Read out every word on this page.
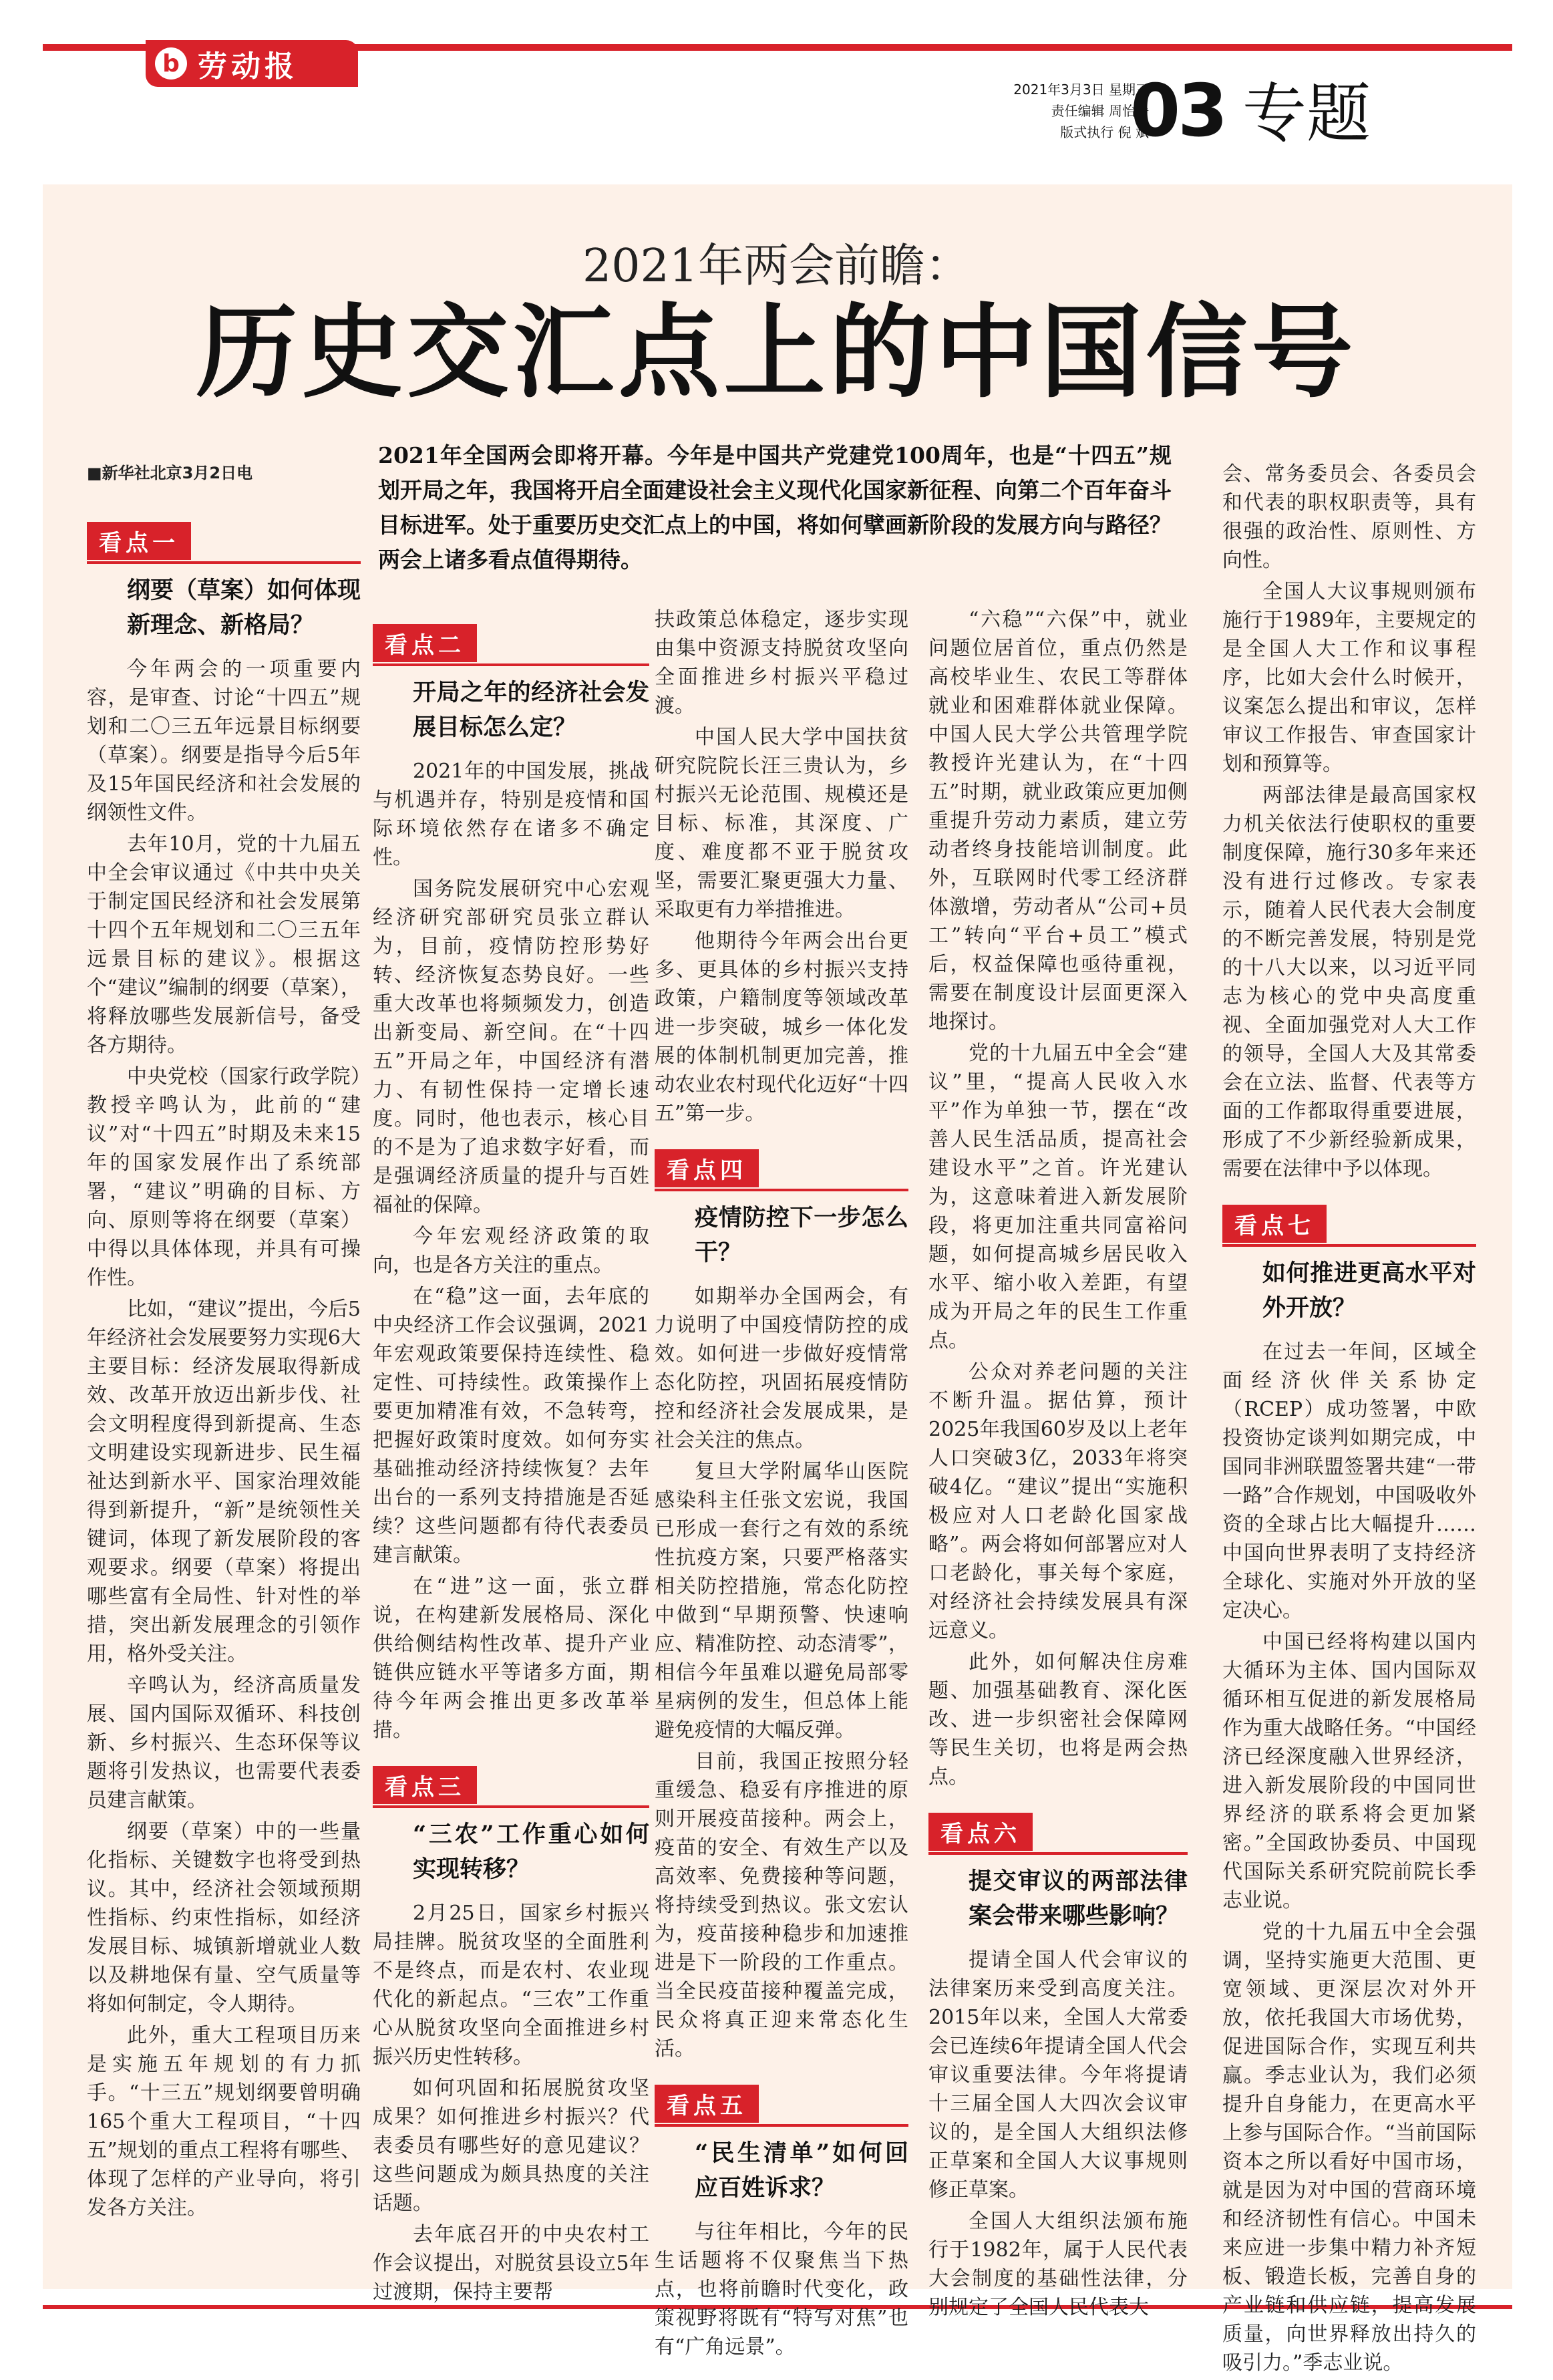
b 劳动报
2021年3月3日 星期三
责任编辑 周怡静
版式执行 倪 斌
03 专题
2021年两会前瞻：
历史交汇点上的中国信号
2021年全国两会即将开幕。今年是中国共产党建党100周年，也是“十四五”规划开局之年，我国将开启全面建设社会主义现代化国家新征程、向第二个百年奋斗目标进军。处于重要历史交汇点上的中国，将如何擘画新阶段的发展方向与路径？两会上诸多看点值得期待。

■新华社北京3月2日电

看点一
纲要（草案）如何体现新理念、新格局？

今年两会的一项重要内容，是审查、讨论“十四五”规划和二〇三五年远景目标纲要（草案）。纲要是指导今后5年及15年国民经济和社会发展的纲领性文件。

去年10月，党的十九届五中全会审议通过《中共中央关于制定国民经济和社会发展第十四个五年规划和二〇三五年远景目标的建议》。根据这个“建议”编制的纲要（草案），将释放哪些发展新信号，备受各方期待。

中央党校（国家行政学院）教授辛鸣认为，此前的“建议”对“十四五”时期及未来15年的国家发展作出了系统部署，“建议”明确的目标、方向、原则等将在纲要（草案）中得以具体体现，并具有可操作性。

比如，“建议”提出，今后5年经济社会发展要努力实现6大主要目标：经济发展取得新成效、改革开放迈出新步伐、社会文明程度得到新提高、生态文明建设实现新进步、民生福祉达到新水平、国家治理效能得到新提升，“新”是统领性关键词，体现了新发展阶段的客观要求。纲要（草案）将提出哪些富有全局性、针对性的举措，突出新发展理念的引领作用，格外受关注。

辛鸣认为，经济高质量发展、国内国际双循环、科技创新、乡村振兴、生态环保等议题将引发热议，也需要代表委员建言献策。

纲要（草案）中的一些量化指标、关键数字也将受到热议。其中，经济社会领域预期性指标、约束性指标，如经济发展目标、城镇新增就业人数以及耕地保有量、空气质量等将如何制定，令人期待。

此外，重大工程项目历来是实施五年规划的有力抓手。“十三五”规划纲要曾明确165个重大工程项目，“十四五”规划的重点工程将有哪些、体现了怎样的产业导向，将引发各方关注。

看点二
开局之年的经济社会发展目标怎么定？

2021年的中国发展，挑战与机遇并存，特别是疫情和国际环境依然存在诸多不确定性。

国务院发展研究中心宏观经济研究部研究员张立群认为，目前，疫情防控形势好转、经济恢复态势良好。一些重大改革也将频频发力，创造出新变局、新空间。在“十四五”开局之年，中国经济有潜力、有韧性保持一定增长速度。同时，他也表示，核心目的不是为了追求数字好看，而是强调经济质量的提升与百姓福祉的保障。

今年宏观经济政策的取向，也是各方关注的重点。

在“稳”这一面，去年底的中央经济工作会议强调，2021年宏观政策要保持连续性、稳定性、可持续性。政策操作上要更加精准有效，不急转弯，把握好政策时度效。如何夯实基础推动经济持续恢复？去年出台的一系列支持措施是否延续？这些问题都有待代表委员建言献策。

在“进”这一面，张立群说，在构建新发展格局、深化供给侧结构性改革、提升产业链供应链水平等诸多方面，期待今年两会推出更多改革举措。

看点三
“三农”工作重心如何实现转移？

2月25日，国家乡村振兴局挂牌。脱贫攻坚的全面胜利不是终点，而是农村、农业现代化的新起点。“三农”工作重心从脱贫攻坚向全面推进乡村振兴历史性转移。

如何巩固和拓展脱贫攻坚成果？如何推进乡村振兴？代表委员有哪些好的意见建议？这些问题成为颇具热度的关注话题。

去年底召开的中央农村工作会议提出，对脱贫县设立5年过渡期，保持主要帮

扶政策总体稳定，逐步实现由集中资源支持脱贫攻坚向全面推进乡村振兴平稳过渡。

中国人民大学中国扶贫研究院院长汪三贵认为，乡村振兴无论范围、规模还是目标、标准，其深度、广度、难度都不亚于脱贫攻坚，需要汇聚更强大力量、采取更有力举措推进。

他期待今年两会出台更多、更具体的乡村振兴支持政策，户籍制度等领域改革进一步突破，城乡一体化发展的体制机制更加完善，推动农业农村现代化迈好“十四五”第一步。

看点四
疫情防控下一步怎么干？

如期举办全国两会，有力说明了中国疫情防控的成效。如何进一步做好疫情常态化防控，巩固拓展疫情防控和经济社会发展成果，是社会关注的焦点。

复旦大学附属华山医院感染科主任张文宏说，我国已形成一套行之有效的系统性抗疫方案，只要严格落实相关防控措施，常态化防控中做到“早期预警、快速响应、精准防控、动态清零”，相信今年虽难以避免局部零星病例的发生，但总体上能避免疫情的大幅反弹。

目前，我国正按照分轻重缓急、稳妥有序推进的原则开展疫苗接种。两会上，疫苗的安全、有效生产以及高效率、免费接种等问题，将持续受到热议。张文宏认为，疫苗接种稳步和加速推进是下一阶段的工作重点。当全民疫苗接种覆盖完成，民众将真正迎来常态化生活。

看点五
“民生清单”如何回应百姓诉求？

与往年相比，今年的民生话题将不仅聚焦当下热点，也将前瞻时代变化，政策视野将既有“特写对焦”也有“广角远景”。

“六稳”“六保”中，就业问题位居首位，重点仍然是高校毕业生、农民工等群体就业和困难群体就业保障。中国人民大学公共管理学院教授许光建认为，在“十四五”时期，就业政策应更加侧重提升劳动力素质，建立劳动者终身技能培训制度。此外，互联网时代零工经济群体激增，劳动者从“公司+员工”转向“平台+员工”模式后，权益保障也亟待重视，需要在制度设计层面更深入地探讨。

党的十九届五中全会“建议”里，“提高人民收入水平”作为单独一节，摆在“改善人民生活品质，提高社会建设水平”之首。许光建认为，这意味着进入新发展阶段，将更加注重共同富裕问题，如何提高城乡居民收入水平、缩小收入差距，有望成为开局之年的民生工作重点。

公众对养老问题的关注不断升温。据估算，预计2025年我国60岁及以上老年人口突破3亿，2033年将突破4亿。“建议”提出“实施积极应对人口老龄化国家战略”。两会将如何部署应对人口老龄化，事关每个家庭，对经济社会持续发展具有深远意义。

此外，如何解决住房难题、加强基础教育、深化医改、进一步织密社会保障网等民生关切，也将是两会热点。

看点六
提交审议的两部法律案会带来哪些影响？

提请全国人代会审议的法律案历来受到高度关注。2015年以来，全国人大常委会已连续6年提请全国人代会审议重要法律。今年将提请十三届全国人大四次会议审议的，是全国人大组织法修正草案和全国人大议事规则修正草案。

全国人大组织法颁布施行于1982年，属于人民代表大会制度的基础性法律，分别规定了全国人民代表大

会、常务委员会、各委员会和代表的职权职责等，具有很强的政治性、原则性、方向性。

全国人大议事规则颁布施行于1989年，主要规定的是全国人大工作和议事程序，比如大会什么时候开，议案怎么提出和审议，怎样审议工作报告、审查国家计划和预算等。

两部法律是最高国家权力机关依法行使职权的重要制度保障，施行30多年来还没有进行过修改。专家表示，随着人民代表大会制度的不断完善发展，特别是党的十八大以来，以习近平同志为核心的党中央高度重视、全面加强党对人大工作的领导，全国人大及其常委会在立法、监督、代表等方面的工作都取得重要进展，形成了不少新经验新成果，需要在法律中予以体现。

看点七
如何推进更高水平对外开放？

在过去一年间，区域全面经济伙伴关系协定（RCEP）成功签署，中欧投资协定谈判如期完成，中国同非洲联盟签署共建“一带一路”合作规划，中国吸收外资的全球占比大幅提升……中国向世界表明了支持经济全球化、实施对外开放的坚定决心。

中国已经将构建以国内大循环为主体、国内国际双循环相互促进的新发展格局作为重大战略任务。“中国经济已经深度融入世界经济，进入新发展阶段的中国同世界经济的联系将会更加紧密。”全国政协委员、中国现代国际关系研究院前院长季志业说。

党的十九届五中全会强调，坚持实施更大范围、更宽领域、更深层次对外开放，依托我国大市场优势，促进国际合作，实现互利共赢。季志业认为，我们必须提升自身能力，在更高水平上参与国际合作。“当前国际资本之所以看好中国市场，就是因为对中国的营商环境和经济韧性有信心。中国未来应进一步集中精力补齐短板、锻造长板，完善自身的产业链和供应链，提高发展质量，向世界释放出持久的吸引力。”季志业说。
